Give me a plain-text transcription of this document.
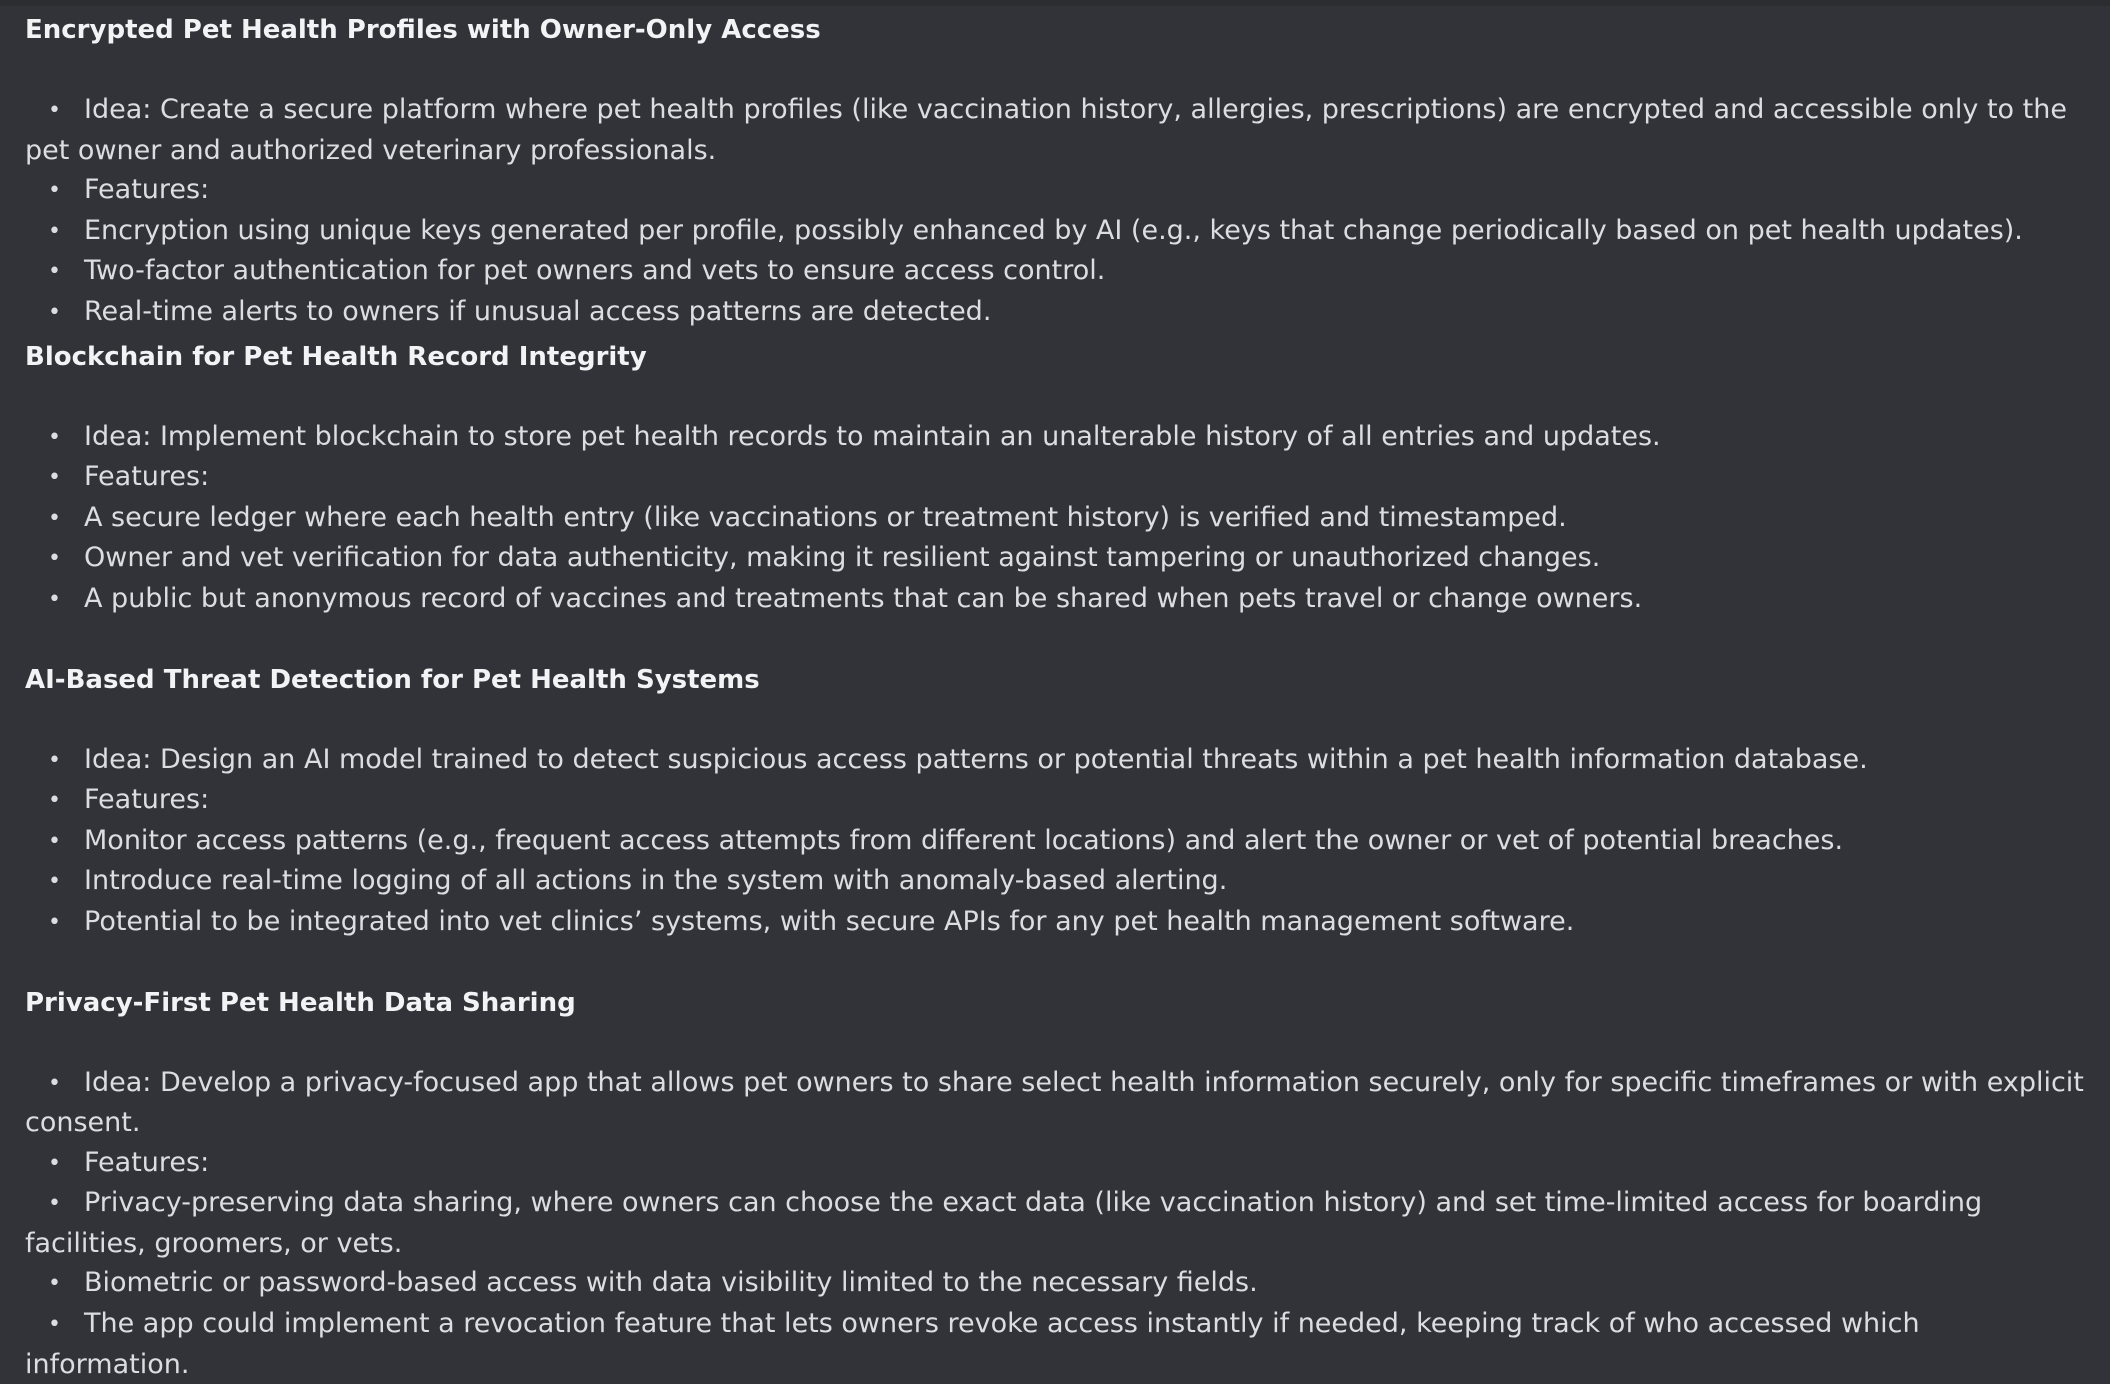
Encrypted Pet Health Profiles with Owner-Only Access
• Idea: Create a secure platform where pet health profiles (like vaccination history, allergies, prescriptions) are encrypted and accessible only to the pet owner and authorized veterinary professionals.
• Features:
• Encryption using unique keys generated per profile, possibly enhanced by AI (e.g., keys that change periodically based on pet health updates).
• Two-factor authentication for pet owners and vets to ensure access control.
• Real-time alerts to owners if unusual access patterns are detected.
Blockchain for Pet Health Record Integrity
• Idea: Implement blockchain to store pet health records to maintain an unalterable history of all entries and updates.
• Features:
• A secure ledger where each health entry (like vaccinations or treatment history) is verified and timestamped.
• Owner and vet verification for data authenticity, making it resilient against tampering or unauthorized changes.
• A public but anonymous record of vaccines and treatments that can be shared when pets travel or change owners.
AI-Based Threat Detection for Pet Health Systems
• Idea: Design an AI model trained to detect suspicious access patterns or potential threats within a pet health information database.
• Features:
• Monitor access patterns (e.g., frequent access attempts from different locations) and alert the owner or vet of potential breaches.
• Introduce real-time logging of all actions in the system with anomaly-based alerting.
• Potential to be integrated into vet clinics’ systems, with secure APIs for any pet health management software.
Privacy-First Pet Health Data Sharing
• Idea: Develop a privacy-focused app that allows pet owners to share select health information securely, only for specific timeframes or with explicit consent.
• Features:
• Privacy-preserving data sharing, where owners can choose the exact data (like vaccination history) and set time-limited access for boarding facilities, groomers, or vets.
• Biometric or password-based access with data visibility limited to the necessary fields.
• The app could implement a revocation feature that lets owners revoke access instantly if needed, keeping track of who accessed which information.
